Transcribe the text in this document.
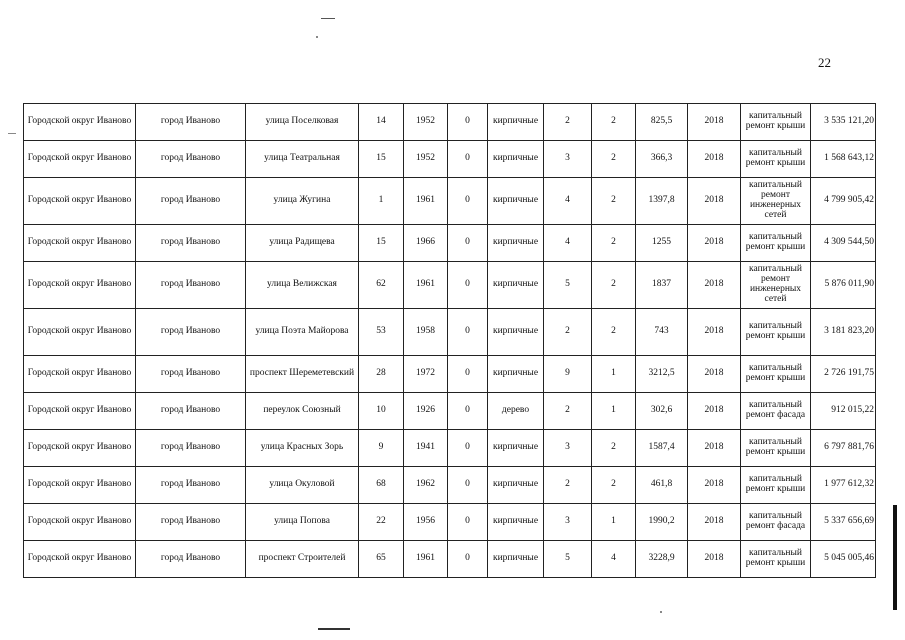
22
Городской округ Иваново	город Иваново	улица Поселковая	14	1952	0	кирпичные	2	2	825,5	2018	капитальный ремонт крыши	3 535 121,20
Городской округ Иваново	город Иваново	улица Театральная	15	1952	0	кирпичные	3	2	366,3	2018	капитальный ремонт крыши	1 568 643,12
Городской округ Иваново	город Иваново	улица Жугина	1	1961	0	кирпичные	4	2	1397,8	2018	капитальный ремонт инженерных сетей	4 799 905,42
Городской округ Иваново	город Иваново	улица Радищева	15	1966	0	кирпичные	4	2	1255	2018	капитальный ремонт крыши	4 309 544,50
Городской округ Иваново	город Иваново	улица Велижская	62	1961	0	кирпичные	5	2	1837	2018	капитальный ремонт инженерных сетей	5 876 011,90
Городской округ Иваново	город Иваново	улица Поэта Майорова	53	1958	0	кирпичные	2	2	743	2018	капитальный ремонт крыши	3 181 823,20
Городской округ Иваново	город Иваново	проспект Шереметевский	28	1972	0	кирпичные	9	1	3212,5	2018	капитальный ремонт крыши	2 726 191,75
Городской округ Иваново	город Иваново	переулок Союзный	10	1926	0	дерево	2	1	302,6	2018	капитальный ремонт фасада	912 015,22
Городской округ Иваново	город Иваново	улица Красных Зорь	9	1941	0	кирпичные	3	2	1587,4	2018	капитальный ремонт крыши	6 797 881,76
Городской округ Иваново	город Иваново	улица Окуловой	68	1962	0	кирпичные	2	2	461,8	2018	капитальный ремонт крыши	1 977 612,32
Городской округ Иваново	город Иваново	улица Попова	22	1956	0	кирпичные	3	1	1990,2	2018	капитальный ремонт фасада	5 337 656,69
Городской округ Иваново	город Иваново	проспект Строителей	65	1961	0	кирпичные	5	4	3228,9	2018	капитальный ремонт крыши	5 045 005,46
